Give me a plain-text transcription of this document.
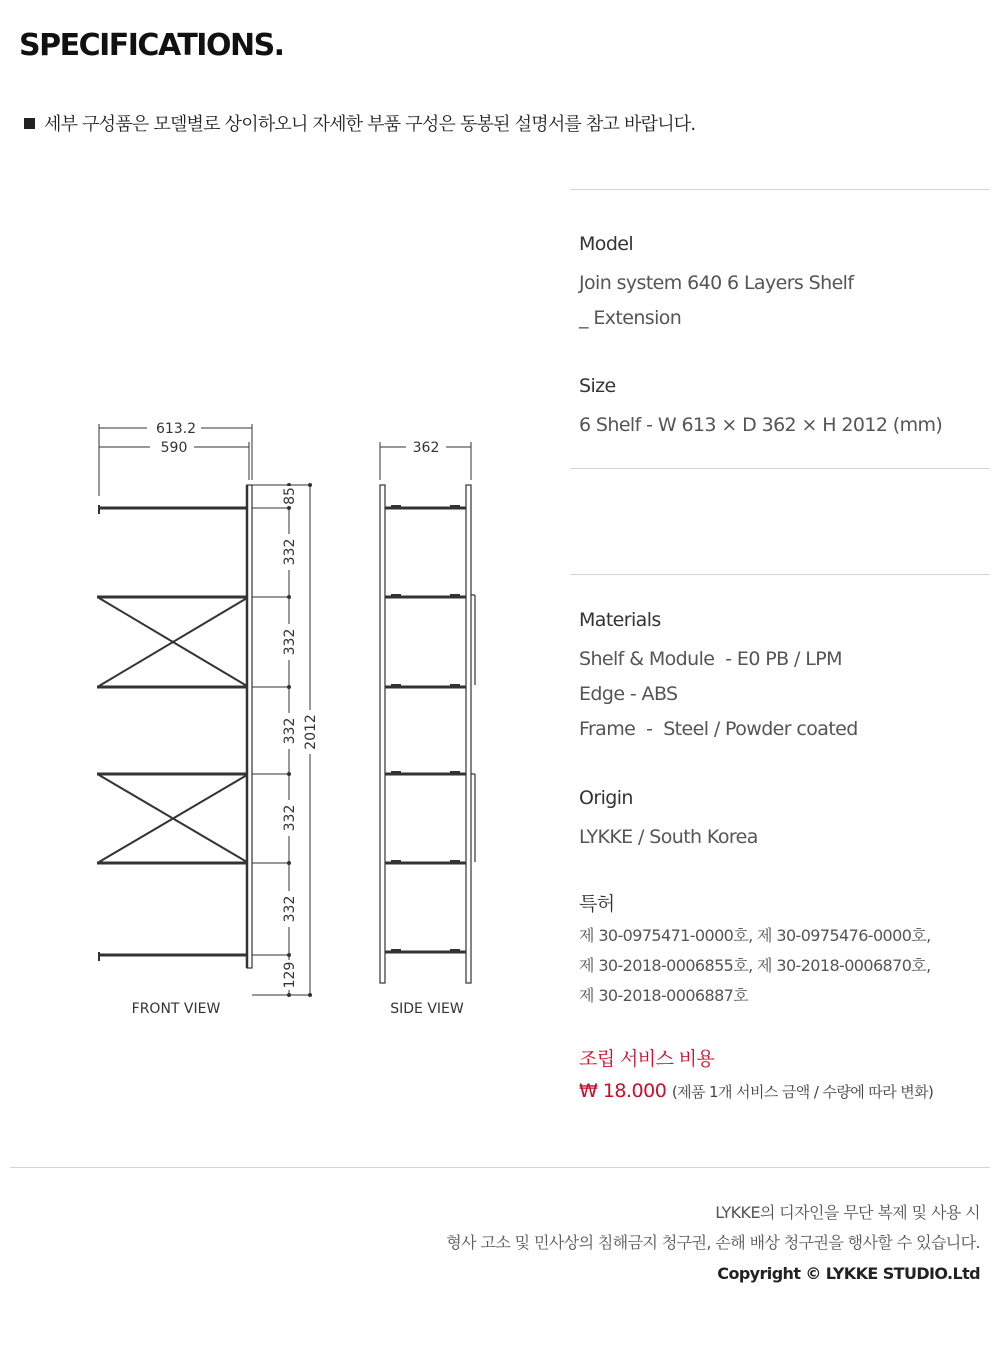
SPECIFICATIONS.
세부 구성품은 모델별로 상이하오니 자세한 부품 구성은 동봉된 설명서를 참고 바랍니다.
613.2
590
85
332
332
332
332
332
129
2012
FRONT VIEW
362
SIDE VIEW

Model

Join system 640 6 Layers Shelf

_ Extension

Size

6 Shelf - W 613 × D 362 × H 2012 (mm)

Materials

Shelf & Module  - E0 PB / LPM

Edge - ABS

Frame  -  Steel / Powder coated

Origin

LYKKE / South Korea

특허

제 30-0975471-0000호, 제 30-0975476-0000호,

제 30-2018-0006855호, 제 30-2018-0006870호,

제 30-2018-0006887호

조립 서비스 비용

₩ 18.000 (제품 1개 서비스 금액 / 수량에 따라 변화)

LYKKE의 디자인을 무단 복제 및 사용 시
형사 고소 및 민사상의 침해금지 청구권, 손해 배상 청구권을 행사할 수 있습니다.
Copyright © LYKKE STUDIO.Ltd
